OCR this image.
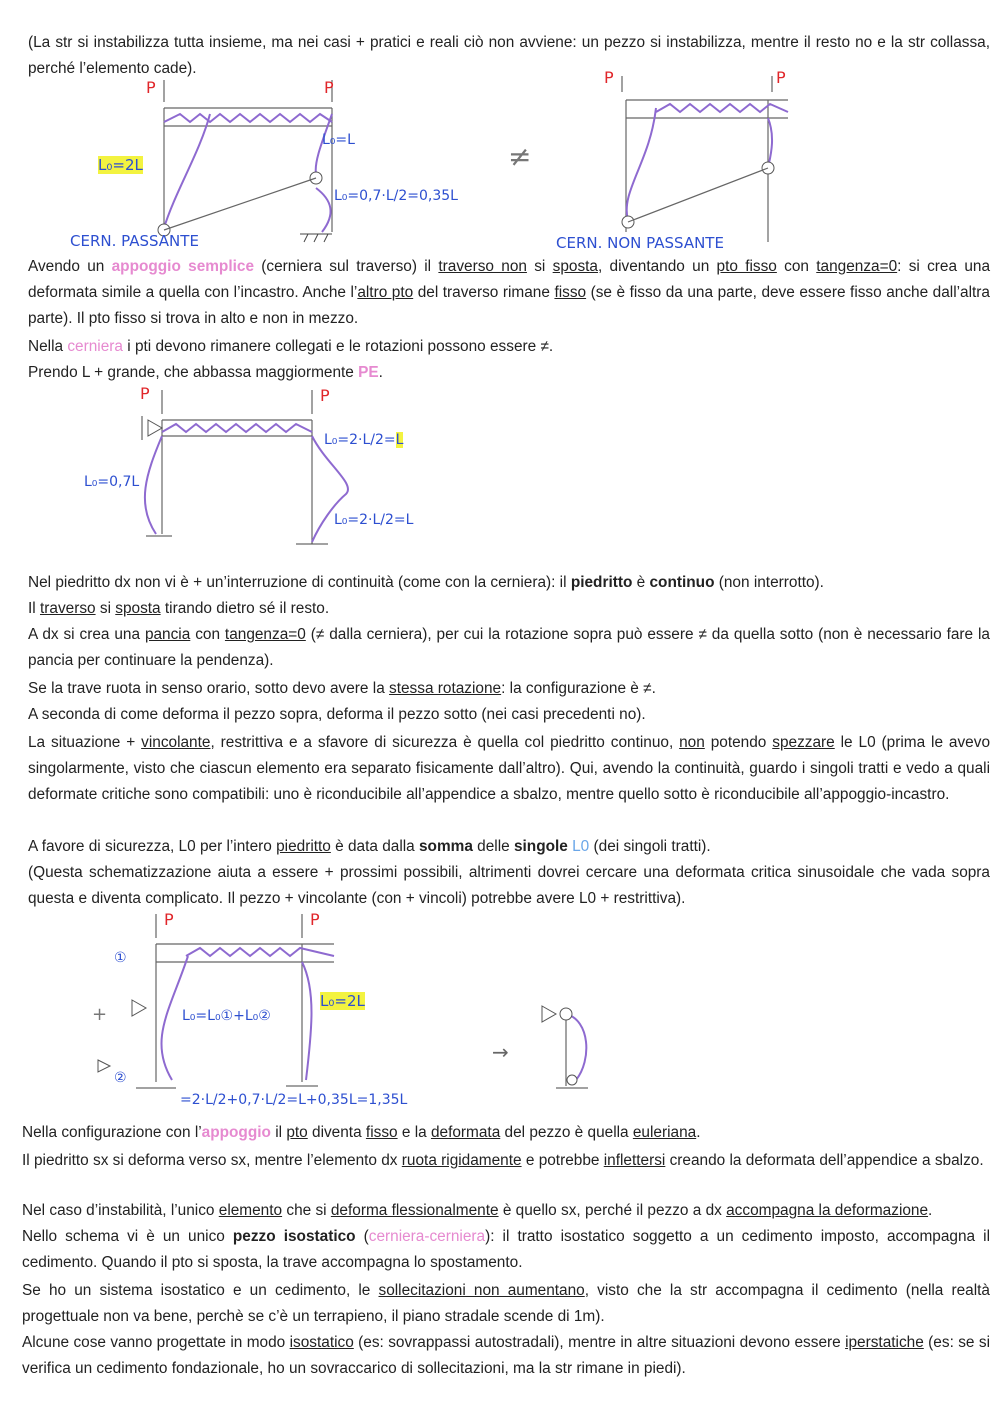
(La str si instabilizza tutta insieme, ma nei casi + pratici e reali ciò non avviene: un pezzo si instabilizza, mentre il resto no e la str collassa, perché l’elemento cade).
P	P
L₀=2L
L₀=L
L₀=0,7·L/2=0,35L
CERN. PASSANTE
≠
P	P
CERN. NON PASSANTE
Avendo un appoggio semplice (cerniera sul traverso) il traverso non si sposta, diventando un pto fisso con tangenza=0: si crea una deformata simile a quella con l’incastro. Anche l’altro pto del traverso rimane fisso (se è fisso da una parte, deve essere fisso anche dall’altra parte). Il pto fisso si trova in alto e non in mezzo.
Nella cerniera i pti devono rimanere collegati e le rotazioni possono essere ≠.
Prendo L + grande, che abbassa maggiormente PE.
P	P
L₀=0,7L
L₀=2·L/2=L
L₀=2·L/2=L
Nel piedritto dx non vi è + un’interruzione di continuità (come con la cerniera): il piedritto è continuo (non interrotto).
Il traverso si sposta tirando dietro sé il resto.
A dx si crea una pancia con tangenza=0 (≠ dalla cerniera), per cui la rotazione sopra può essere ≠ da quella sotto (non è necessario fare la pancia per continuare la pendenza).
Se la trave ruota in senso orario, sotto devo avere la stessa rotazione: la configurazione è ≠.
A seconda di come deforma il pezzo sopra, deforma il pezzo sotto (nei casi precedenti no).
La situazione + vincolante, restrittiva e a sfavore di sicurezza è quella col piedritto continuo, non potendo spezzare le L0 (prima le avevo singolarmente, visto che ciascun elemento era separato fisicamente dall’altro). Qui, avendo la continuità, guardo i singoli tratti e vedo a quali deformate critiche sono compatibili: uno è riconducibile all’appendice a sbalzo, mentre quello sotto è riconducibile all’appoggio-incastro.
A favore di sicurezza, L0 per l’intero piedritto è data dalla somma delle singole L0 (dei singoli tratti).
(Questa schematizzazione aiuta a essere + prossimi possibili, altrimenti dovrei cercare una deformata critica sinusoidale che vada sopra questa e diventa complicato. Il pezzo + vincolante (con + vincoli) potrebbe avere L0 + restrittiva).
P	P
①
②
+	L₀=L₀①+L₀②
L₀=2L
=2·L/2+0,7·L/2=L+0,35L=1,35L
→
Nella configurazione con l’appoggio il pto diventa fisso e la deformata del pezzo è quella euleriana.
Il piedritto sx si deforma verso sx, mentre l’elemento dx ruota rigidamente e potrebbe inflettersi creando la deformata dell’appendice a sbalzo.
Nel caso d’instabilità, l’unico elemento che si deforma flessionalmente è quello sx, perché il pezzo a dx accompagna la deformazione.
Nello schema vi è un unico pezzo isostatico (cerniera-cerniera): il tratto isostatico soggetto a un cedimento imposto, accompagna il cedimento. Quando il pto si sposta, la trave accompagna lo spostamento.
Se ho un sistema isostatico e un cedimento, le sollecitazioni non aumentano, visto che la str accompagna il cedimento (nella realtà progettuale non va bene, perchè se c’è un terrapieno, il piano stradale scende di 1m).
Alcune cose vanno progettate in modo isostatico (es: sovrappassi autostradali), mentre in altre situazioni devono essere iperstatiche (es: se si verifica un cedimento fondazionale, ho un sovraccarico di sollecitazioni, ma la str rimane in piedi).
